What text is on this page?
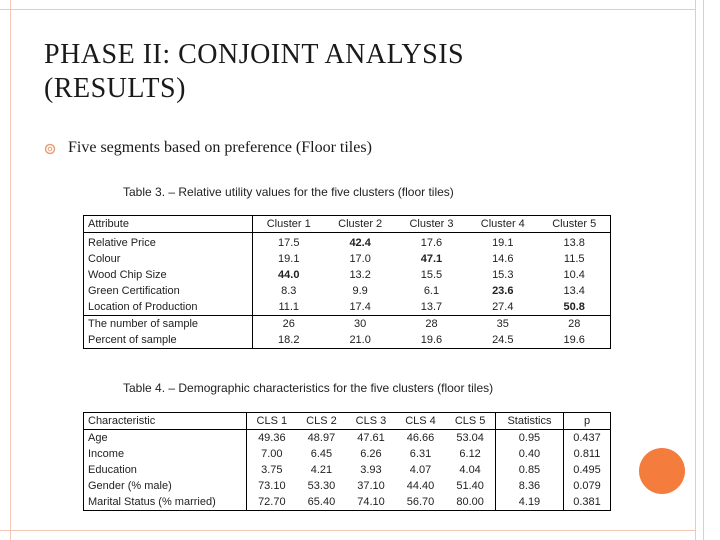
PHASE II: CONJOINT ANALYSIS
(RESULTS)
Five segments based on preference (Floor tiles)
Table 3. – Relative utility values for the five clusters (floor tiles)
Attribute	Cluster 1	Cluster 2	Cluster 3	Cluster 4	Cluster 5
Relative Price	17.5	42.4	17.6	19.1	13.8
Colour	19.1	17.0	47.1	14.6	11.5
Wood Chip Size	44.0	13.2	15.5	15.3	10.4
Green Certification	8.3	9.9	6.1	23.6	13.4
Location of Production	11.1	17.4	13.7	27.4	50.8
The number of sample	26	30	28	35	28
Percent of sample	18.2	21.0	19.6	24.5	19.6
Table 4. – Demographic characteristics for the five clusters (floor tiles)
Characteristic	CLS 1	CLS 2	CLS 3	CLS 4	CLS 5	Statistics	p
Age	49.36	48.97	47.61	46.66	53.04	0.95	0.437
Income	7.00	6.45	6.26	6.31	6.12	0.40	0.811
Education	3.75	4.21	3.93	4.07	4.04	0.85	0.495
Gender (% male)	73.10	53.30	37.10	44.40	51.40	8.36	0.079
Marital Status (% married)	72.70	65.40	74.10	56.70	80.00	4.19	0.381
